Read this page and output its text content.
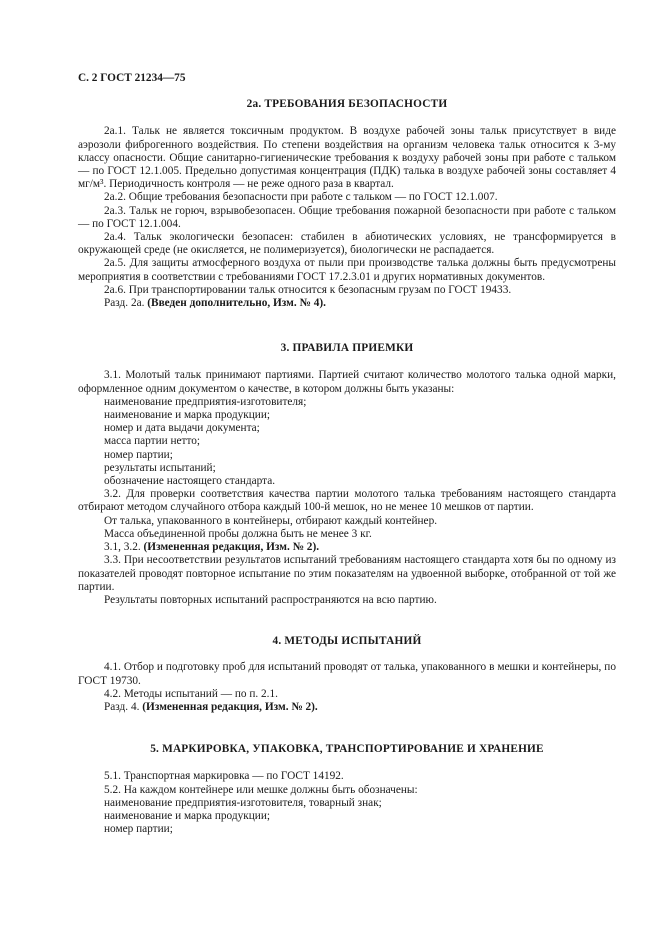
С. 2 ГОСТ 21234—75
2а. ТРЕБОВАНИЯ БЕЗОПАСНОСТИ

2а.1. Тальк не является токсичным продуктом. В воздухе рабочей зоны тальк присутствует в виде аэрозоли фиброгенного воздействия. По степени воздействия на организм человека тальк относится к 3-му классу опасности. Общие санитарно-гигиенические требования к воздуху рабочей зоны при работе с тальком — по ГОСТ 12.1.005. Предельно допустимая концентрация (ПДК) талька в воздухе рабочей зоны составляет 4 мг/м³. Периодичность контроля — не реже одного раза в квартал.

2а.2. Общие требования безопасности при работе с тальком — по ГОСТ 12.1.007.

2а.3. Тальк не горюч, взрывобезопасен. Общие требования пожарной безопасности при работе с тальком — по ГОСТ 12.1.004.

2а.4. Тальк экологически безопасен: стабилен в абиотических условиях, не трансформируется в окружающей среде (не окисляется, не полимеризуется), биологически не распадается.

2а.5. Для защиты атмосферного воздуха от пыли при производстве талька должны быть предусмотрены мероприятия в соответствии с требованиями ГОСТ 17.2.3.01 и других нормативных документов.

2а.6. При транспортировании тальк относится к безопасным грузам по ГОСТ 19433.

Разд. 2а. (Введен дополнительно, Изм. № 4).

3. ПРАВИЛА ПРИЕМКИ

3.1. Молотый тальк принимают партиями. Партией считают количество молотого талька одной марки, оформленное одним документом о качестве, в котором должны быть указаны:

наименование предприятия-изготовителя;

наименование и марка продукции;

номер и дата выдачи документа;

масса партии нетто;

номер партии;

результаты испытаний;

обозначение настоящего стандарта.

3.2. Для проверки соответствия качества партии молотого талька требованиям настоящего стандарта отбирают методом случайного отбора каждый 100-й мешок, но не менее 10 мешков от партии.

От талька, упакованного в контейнеры, отбирают каждый контейнер.

Масса объединенной пробы должна быть не менее 3 кг.

3.1, 3.2. (Измененная редакция, Изм. № 2).

3.3. При несоответствии результатов испытаний требованиям настоящего стандарта хотя бы по одному из показателей проводят повторное испытание по этим показателям на удвоенной выборке, отобранной от той же партии.

Результаты повторных испытаний распространяются на всю партию.

4. МЕТОДЫ ИСПЫТАНИЙ

4.1. Отбор и подготовку проб для испытаний проводят от талька, упакованного в мешки и контейнеры, по ГОСТ 19730.

4.2. Методы испытаний — по п. 2.1.

Разд. 4. (Измененная редакция, Изм. № 2).

5. МАРКИРОВКА, УПАКОВКА, ТРАНСПОРТИРОВАНИЕ И ХРАНЕНИЕ

5.1. Транспортная маркировка — по ГОСТ 14192.

5.2. На каждом контейнере или мешке должны быть обозначены:

наименование предприятия-изготовителя, товарный знак;

наименование и марка продукции;

номер партии;
